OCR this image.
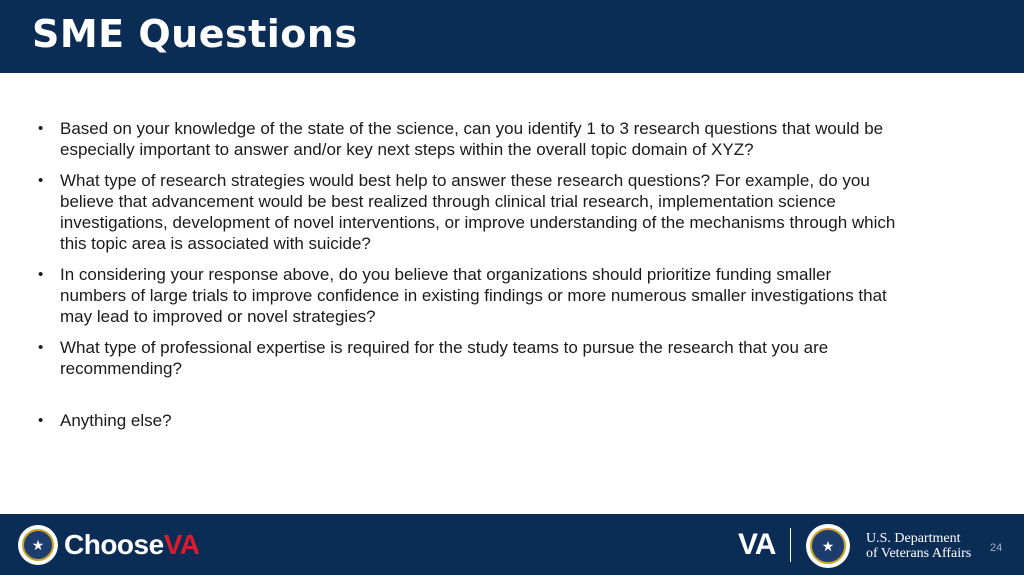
SME Questions
• Based on your knowledge of the state of the science, can you identify 1 to 3 research questions that would be especially important to answer and/or key next steps within the overall topic domain of XYZ?
• What type of research strategies would best help to answer these research questions? For example, do you believe that advancement would be best realized through clinical trial research, implementation science investigations, development of novel interventions, or improve understanding of the mechanisms through which this topic area is associated with suicide?
• In considering your response above, do you believe that organizations should prioritize funding smaller numbers of large trials to improve confidence in existing findings or more numerous smaller investigations that may lead to improved or novel strategies?
• What type of professional expertise is required for the study teams to pursue the research that you are recommending?
• Anything else?
★ ChooseVA	VA	★	U.S. Department
of Veterans Affairs 24
